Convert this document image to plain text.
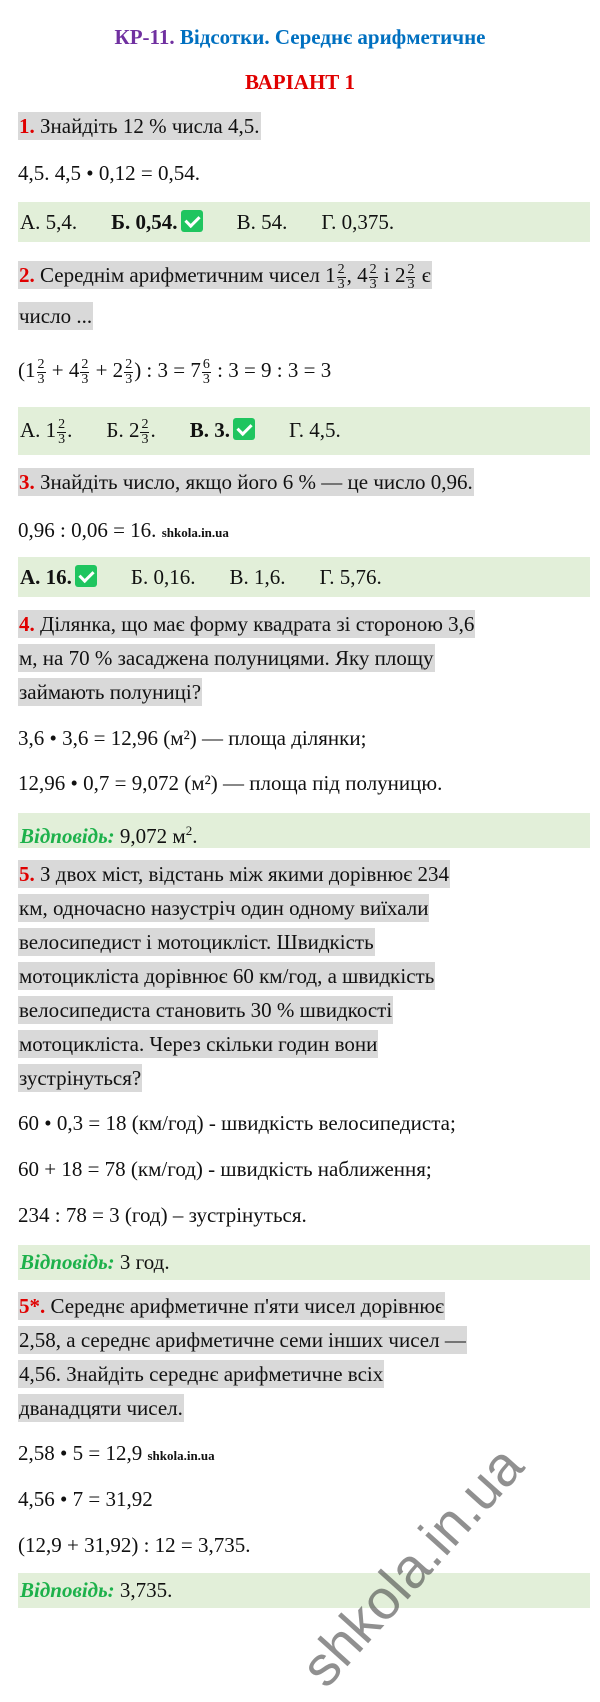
КР-11. Відсотки. Середнє арифметичне
ВАРІАНТ 1
1. Знайдіть 12 % числа 4,5.
4,5. 4,5 • 0,12 = 0,54.
А. 5,4. Б. 0,54.	В. 54. Г. 0,375.
2. Середнім арифметичним чисел $1 \frac{2}{3}$ , $4 \frac{2}{3}$ і $2 \frac{2}{3}$ є
число ...
($1 \frac{2}{3} + 4 \frac{2}{3} + 2 \frac{2}{3}$ ) : $3 = 7 \frac{6}{3}$ : 3 = 9 : 3 = 3
А. $1 \frac{2}{3}$ . Б. $2 \frac{2}{3}$ . В. 3.	Г. 4,5.
3. Знайдіть число, якщо його 6 % — це число 0,96.
0,96 : 0,06 = 16. shkola.in.ua
А. 16.	Б. 0,16. В. 1,6. Г. 5,76.
4. Ділянка, що має форму квадрата зі стороною 3,6
м, на 70 % засаджена полуницями. Яку площу
займають полуниці?
3,6 • 3,6 = 12,96 (м²) — площа ділянки;
12,96 • 0,7 = 9,072 (м²) — площа під полуницю.
Відповідь: 9,072 $м^2$.
5. З двох міст, відстань між якими дорівнює 234
км, одночасно назустріч один одному виїхали
велосипедист і мотоцикліст. Швидкість
мотоцикліста дорівнює 60 км/год, а швидкість
велосипедиста становить 30 % швидкості
мотоцикліста. Через скільки годин вони
зустрінуться?
60 • 0,3 = 18 (км/год) - швидкість велосипедиста;
60 + 18 = 78 (км/год) - швидкість наближення;
234 : 78 = 3 (год) – зустрінуться.
Відповідь: 3 год.
5*. Середнє арифметичне п'яти чисел дорівнює
2,58, а середнє арифметичне семи інших чисел —
4,56. Знайдіть середнє арифметичне всіх
дванадцяти чисел.
2,58 • 5 = 12,9 shkola.in.ua
4,56 • 7 = 31,92
(12,9 + 31,92) : 12 = 3,735.
Відповідь: 3,735.	shkola.in.ua
